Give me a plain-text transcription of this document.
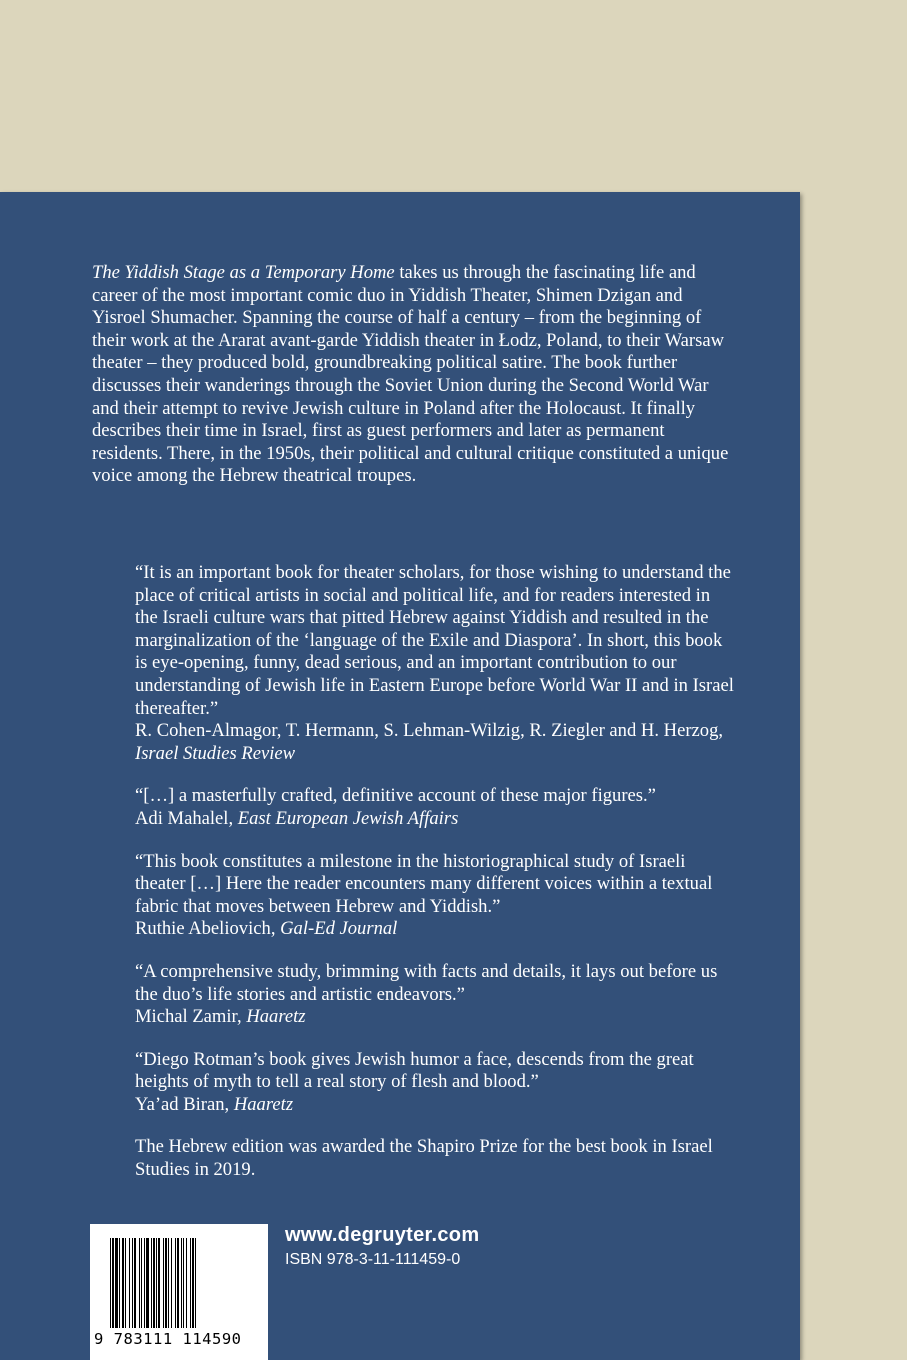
The Yiddish Stage as a Temporary Home takes us through the fascinating life and career of the most important comic duo in Yiddish Theater, Shimen Dzigan and Yisroel Shumacher. Spanning the course of half a century – from the beginning of their work at the Ararat avant-garde Yiddish theater in Łodz, Poland, to their Warsaw theater – they produced bold, groundbreaking political satire. The book further discusses their wanderings through the Soviet Union during the Second World War and their attempt to revive Jewish culture in Poland after the Holocaust. It finally describes their time in Israel, first as guest performers and later as permanent residents. There, in the 1950s, their political and cultural critique constituted a unique voice among the Hebrew theatrical troupes.

“It is an important book for theater scholars, for those wishing to understand the place of critical artists in social and political life, and for readers interested in the Israeli culture wars that pitted Hebrew against Yiddish and resulted in the marginalization of the ‘language of the Exile and Diaspora’. In short, this book is eye-opening, funny, dead serious, and an important contribution to our understanding of Jewish life in Eastern Europe before World War II and in Israel thereafter.”

R. Cohen-Almagor, T. Hermann, S. Lehman-Wilzig, R. Ziegler and H. Herzog, Israel Studies Review

“[…] a masterfully crafted, definitive account of these major figures.”

Adi Mahalel, East European Jewish Affairs

“This book constitutes a milestone in the historiographical study of Israeli theater […] Here the reader encounters many different voices within a textual fabric that moves between Hebrew and Yiddish.”

Ruthie Abeliovich, Gal-Ed Journal

“A comprehensive study, brimming with facts and details, it lays out before us the duo’s life stories and artistic endeavors.”

Michal Zamir, Haaretz

“Diego Rotman’s book gives Jewish humor a face, descends from the great heights of myth to tell a real story of flesh and blood.”

Ya’ad Biran, Haaretz

The Hebrew edition was awarded the Shapiro Prize for the best book in Israel Studies in 2019.

9 783111 114590
www.degruyter.com
ISBN 978-3-11-111459-0
